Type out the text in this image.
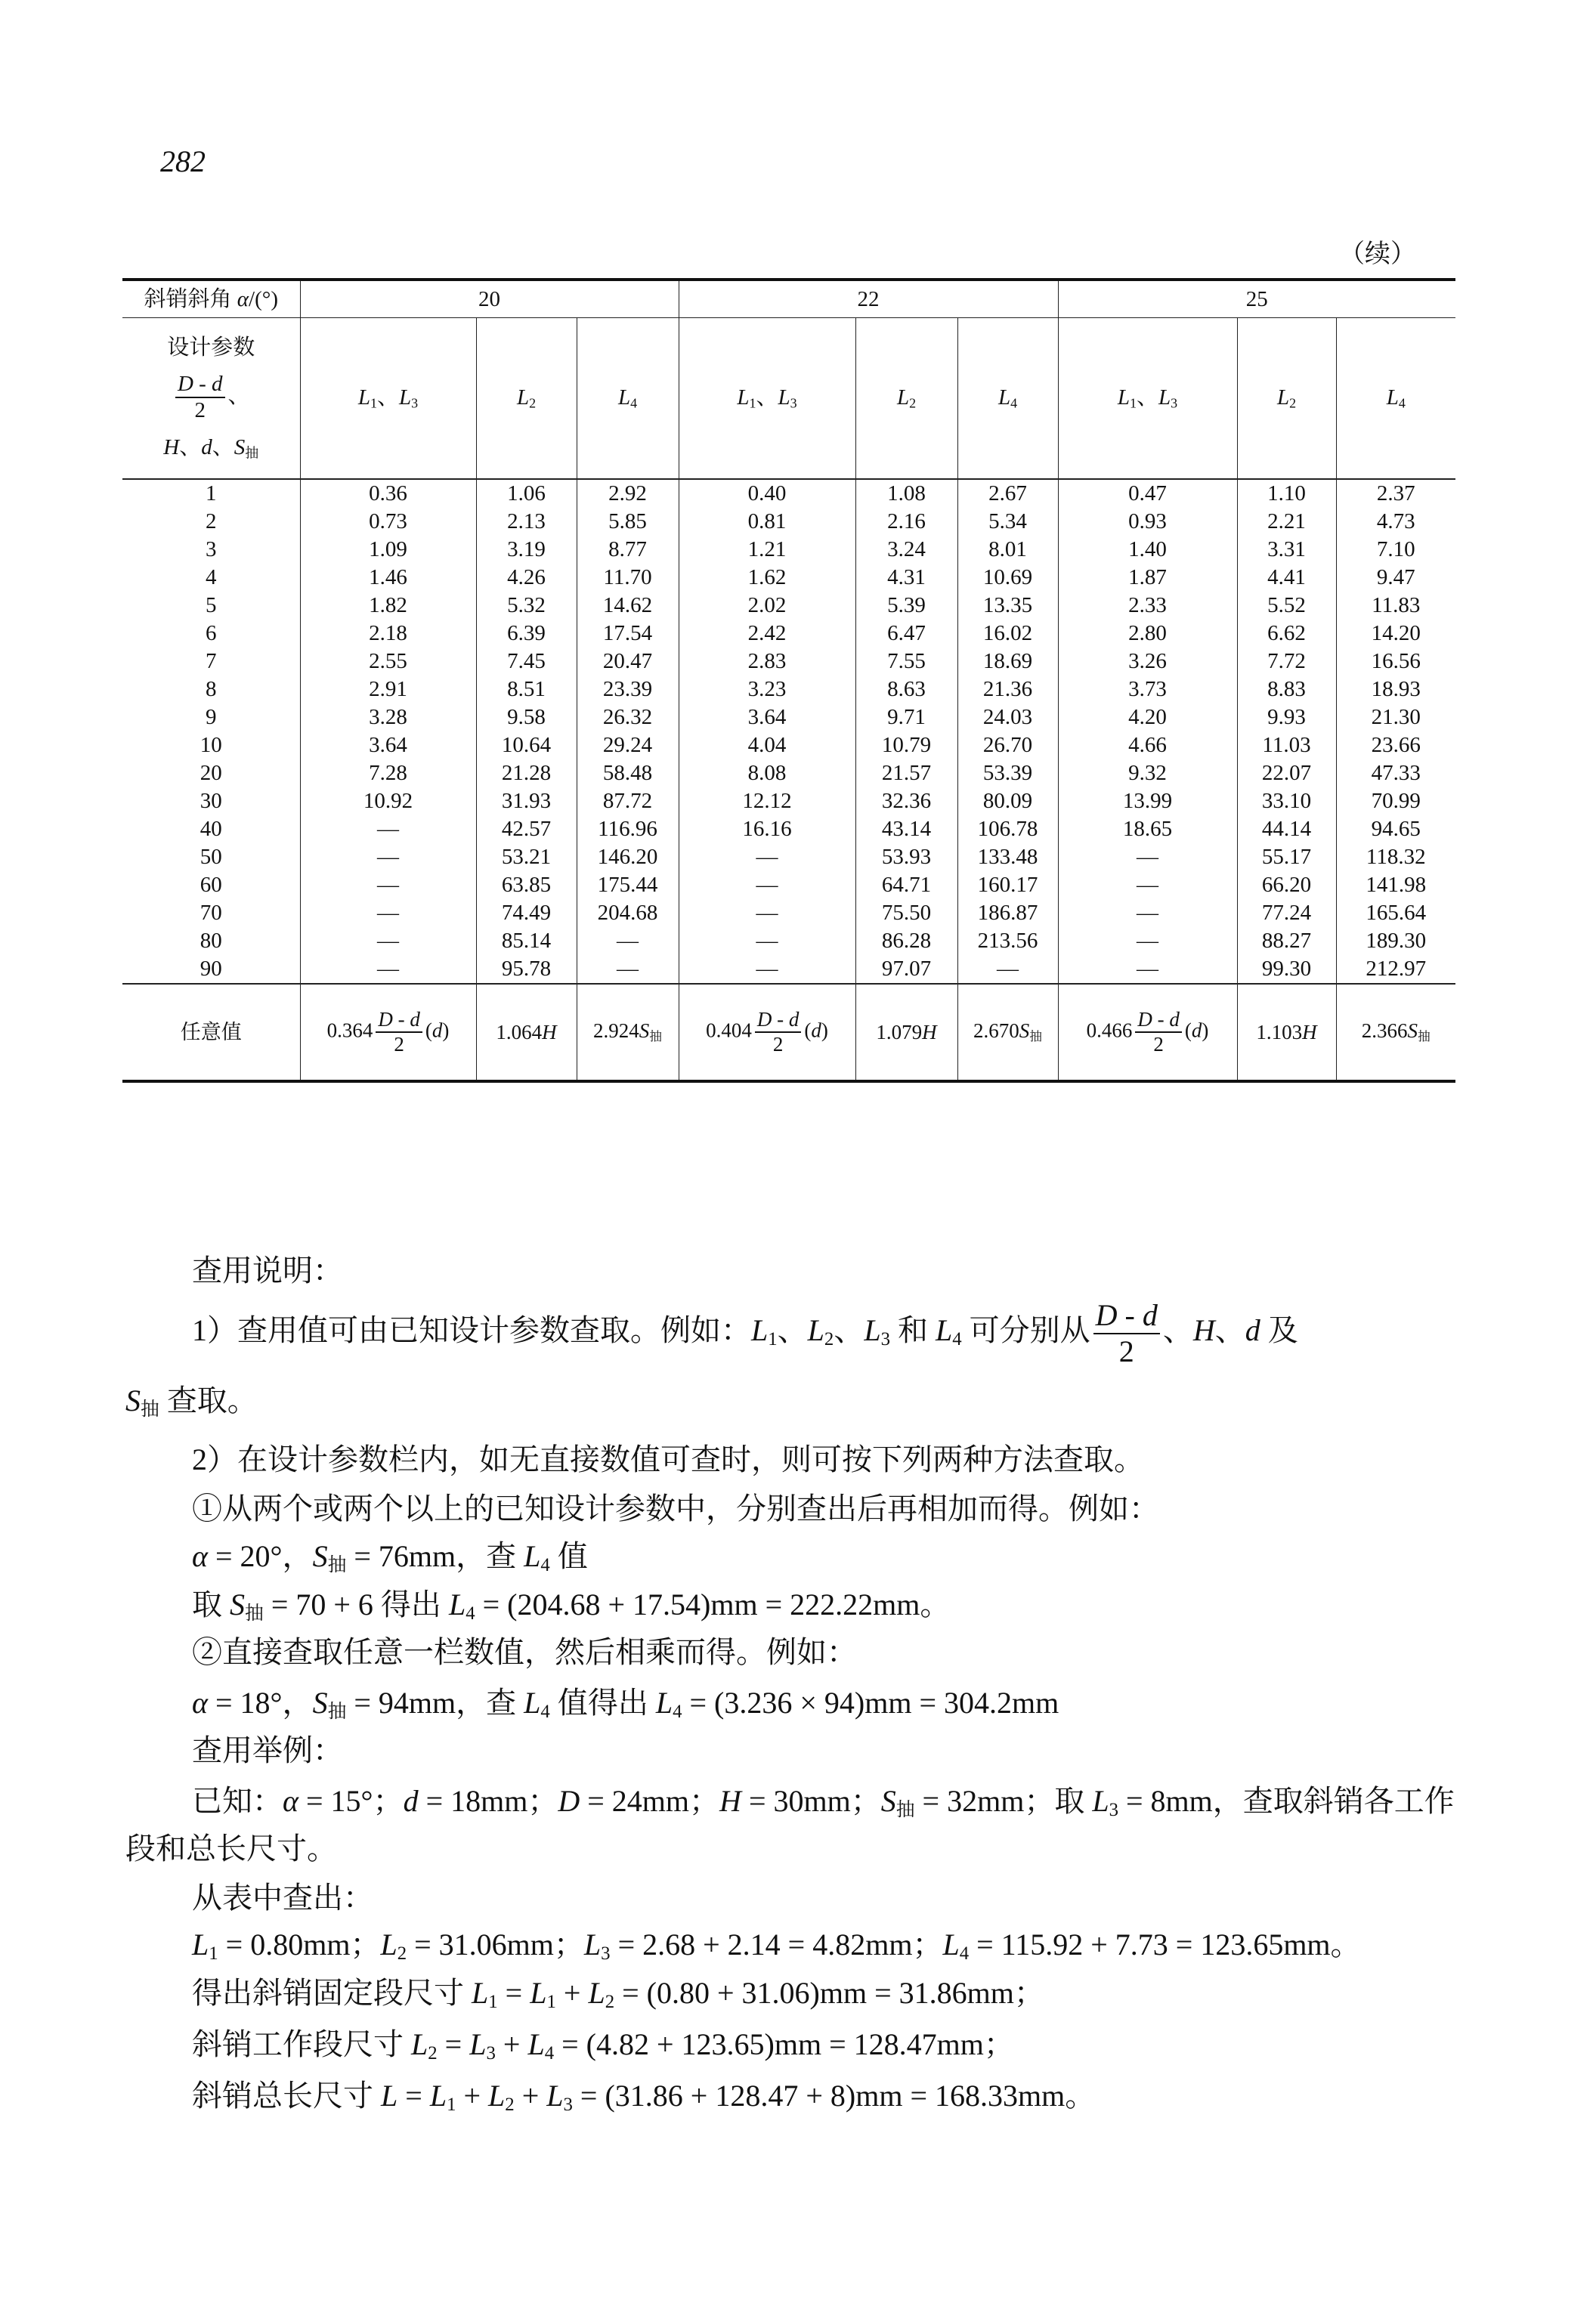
282
（续）
斜销斜角 α/(°)	20			22			25		

设计参数
$\frac{D - d}{2}$ 、
H、d、$S_抽$	$L_1$、$L_3$	$L_2$	$L_4$	$L_1$、$L_3$	$L_2$	$L_4$	$L_1$、$L_3$	$L_2$	$L_4$
1	0.36	1.06	2.92	0.40	1.08	2.67	0.47	1.10	2.37
2	0.73	2.13	5.85	0.81	2.16	5.34	0.93	2.21	4.73
3	1.09	3.19	8.77	1.21	3.24	8.01	1.40	3.31	7.10
4	1.46	4.26	11.70	1.62	4.31	10.69	1.87	4.41	9.47
5	1.82	5.32	14.62	2.02	5.39	13.35	2.33	5.52	11.83
6	2.18	6.39	17.54	2.42	6.47	16.02	2.80	6.62	14.20
7	2.55	7.45	20.47	2.83	7.55	18.69	3.26	7.72	16.56
8	2.91	8.51	23.39	3.23	8.63	21.36	3.73	8.83	18.93
9	3.28	9.58	26.32	3.64	9.71	24.03	4.20	9.93	21.30
10	3.64	10.64	29.24	4.04	10.79	26.70	4.66	11.03	23.66
20	7.28	21.28	58.48	8.08	21.57	53.39	9.32	22.07	47.33
30	10.92	31.93	87.72	12.12	32.36	80.09	13.99	33.10	70.99
40	—	42.57	116.96	16.16	43.14	106.78	18.65	44.14	94.65
50	—	53.21	146.20	—	53.93	133.48	—	55.17	118.32
60	—	63.85	175.44	—	64.71	160.17	—	66.20	141.98
70	—	74.49	204.68	—	75.50	186.87	—	77.24	165.64
80	—	85.14	—	—	86.28	213.56	—	88.27	189.30
90	—	95.78	—	—	97.07	—	—	99.30	212.97
任意值	$0.364 \frac{D - d}{2} (d)$	1.064H	$2.924S_抽$	$0.404 \frac{D - d}{2} (d)$	1.079H	$2.670S_抽$	$0.466 \frac{D - d}{2} (d)$	1.103H	$2.366S_抽$
查用说明：
1）查用值可由已知设计参数查取。例如：$L_1$、$L_2$、$L_3$ 和 $L_4$ 可分别从 $\frac{D - d}{2}$ 、H、d 及
$S_抽$ 查取。
2）在设计参数栏内，如无直接数值可查时，则可按下列两种方法查取。
①从两个或两个以上的已知设计参数中，分别查出后再相加而得。例如：
α = 20°，$S_抽 = 76mm$，查 $L_4$ 值
取 $S_抽 = 70 + 6$ 得出 $L_4 = (204.68 + 17.54)mm = 222.22mm$。
②直接查取任意一栏数值，然后相乘而得。例如：
α = 18°，$S_抽 = 94mm$，查 $L_4$ 值得出 $L_4 = (3.236 \times 94)mm = 304.2mm$
查用举例：
已知：α = 15°；d = 18mm；D = 24mm；H = 30mm；$S_抽 = 32mm$；取 $L_3 = 8mm$，查取斜销各工作
段和总长尺寸。
从表中查出：
$L_1 = 0.80mm$；$L_2 = 31.06mm$；$L_3 = 2.68 + 2.14 = 4.82mm$；$L_4 = 115.92 + 7.73 = 123.65mm$。
得出斜销固定段尺寸 $L_1 = L_1 + L_2 = (0.80 + 31.06)mm = 31.86mm$；
斜销工作段尺寸 $L_2 = L_3 + L_4 = (4.82 + 123.65)mm = 128.47mm$；
斜销总长尺寸 $L = L_1 + L_2 + L_3 = (31.86 + 128.47 + 8)mm = 168.33mm$。
